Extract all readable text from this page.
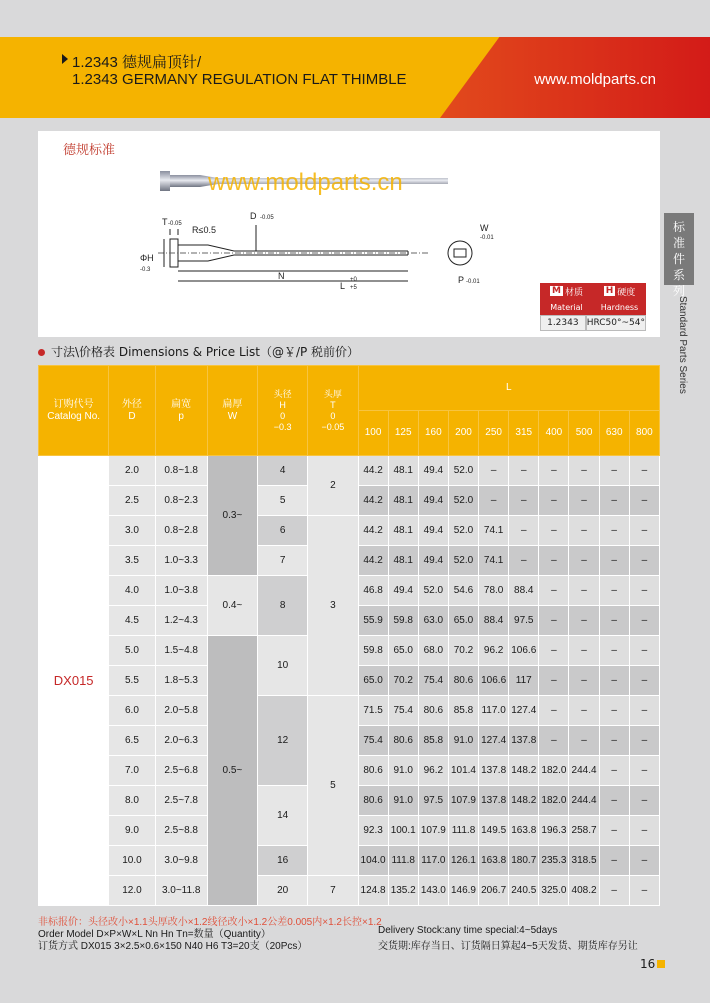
1.2343 德规扁顶针/
1.2343 GERMANY REGULATION FLAT THIMBLE	www.moldparts.cn
标准件系列
Standard Parts Series
德规标准
www.moldparts.cn
T -0.05
R≤0.5
D -0.05
ΦH
-0.3
N
L
+0
+5
W
-0.01
P -0.01
M 材质	H 硬度
Material	Hardness
1.2343 HRC50°~54°
寸法\价格表 Dimensions & Price List（@￥/P 税前价）
订购代号
Catalog No.	外径
D	扁宽
p	扁厚
W	头径
H
0
−0.3	头厚
T
0
−0.05	L									
						100	125	160	200	250	315	400	500	630	800
DX015	2.0	0.8~1.8	0.3~	4	2	44.2	48.1	49.4	52.0	–	–	–	–	–	–
	2.5	0.8~2.3		5		44.2	48.1	49.4	52.0	–	–	–	–	–	–
	3.0	0.8~2.8		6	3	44.2	48.1	49.4	52.0	74.1	–	–	–	–	–
	3.5	1.0~3.3		7		44.2	48.1	49.4	52.0	74.1	–	–	–	–	–
	4.0	1.0~3.8	0.4~	8		46.8	49.4	52.0	54.6	78.0	88.4	–	–	–	–
	4.5	1.2~4.3				55.9	59.8	63.0	65.0	88.4	97.5	–	–	–	–
	5.0	1.5~4.8	0.5~	10		59.8	65.0	68.0	70.2	96.2	106.6	–	–	–	–
	5.5	1.8~5.3				65.0	70.2	75.4	80.6	106.6	117	–	–	–	–
	6.0	2.0~5.8		12	5	71.5	75.4	80.6	85.8	117.0	127.4	–	–	–	–
	6.5	2.0~6.3				75.4	80.6	85.8	91.0	127.4	137.8	–	–	–	–
	7.0	2.5~6.8				80.6	91.0	96.2	101.4	137.8	148.2	182.0	244.4	–	–
	8.0	2.5~7.8		14		80.6	91.0	97.5	107.9	137.8	148.2	182.0	244.4	–	–
	9.0	2.5~8.8				92.3	100.1	107.9	111.8	149.5	163.8	196.3	258.7	–	–
	10.0	3.0~9.8		16		104.0	111.8	117.0	126.1	163.8	180.7	235.3	318.5	–	–
	12.0	3.0~11.8		20	7	124.8	135.2	143.0	146.9	206.7	240.5	325.0	408.2	–	–
非标报价：头径改小×1.1头厚改小×1.2线径改小×1.2公差0.005内×1.2长控×1.2
Order Model D×P×W×L Nn Hn Tn=数量（Quantity）	Delivery Stock:any time special:4~5days
订货方式 DX015 3×2.5×0.6×150 N40 H6 T3=20支（20Pcs）	交货期:库存当日、订货隔日算起4~5天发货、期货库存另让
16
